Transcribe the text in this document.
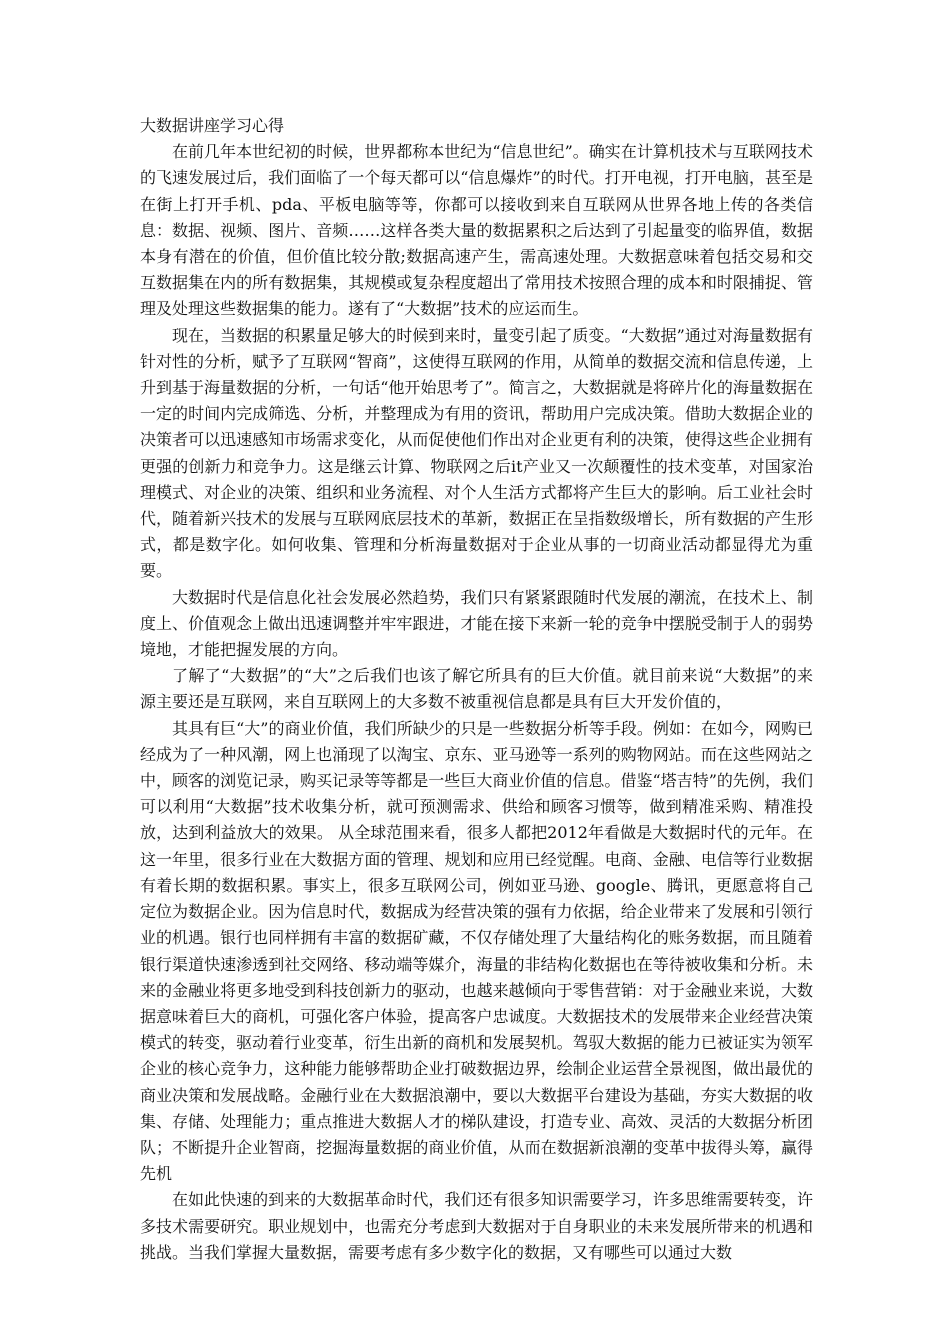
大数据讲座学习心得

在前几年本世纪初的时候，世界都称本世纪为“信息世纪”。确实在计算机技术与互联网技术的飞速发展过后，我们面临了一个每天都可以“信息爆炸”的时代。打开电视，打开电脑，甚至是在街上打开手机、pda、平板电脑等等，你都可以接收到来自互联网从世界各地上传的各类信息：数据、视频、图片、音频……这样各类大量的数据累积之后达到了引起量变的临界值，数据本身有潜在的价值，但价值比较分散;数据高速产生，需高速处理。大数据意味着包括交易和交互数据集在内的所有数据集，其规模或复杂程度超出了常用技术按照合理的成本和时限捕捉、管理及处理这些数据集的能力。遂有了“大数据”技术的应运而生。

现在，当数据的积累量足够大的时候到来时，量变引起了质变。“大数据”通过对海量数据有针对性的分析，赋予了互联网“智商”，这使得互联网的作用，从简单的数据交流和信息传递，上升到基于海量数据的分析，一句话“他开始思考了”。简言之，大数据就是将碎片化的海量数据在一定的时间内完成筛选、分析，并整理成为有用的资讯，帮助用户完成决策。借助大数据企业的决策者可以迅速感知市场需求变化，从而促使他们作出对企业更有利的决策，使得这些企业拥有更强的创新力和竞争力。这是继云计算、物联网之后it产业又一次颠覆性的技术变革，对国家治理模式、对企业的决策、组织和业务流程、对个人生活方式都将产生巨大的影响。后工业社会时代，随着新兴技术的发展与互联网底层技术的革新，数据正在呈指数级增长，所有数据的产生形式，都是数字化。如何收集、管理和分析海量数据对于企业从事的一切商业活动都显得尤为重要。

大数据时代是信息化社会发展必然趋势，我们只有紧紧跟随时代发展的潮流，在技术上、制度上、价值观念上做出迅速调整并牢牢跟进，才能在接下来新一轮的竞争中摆脱受制于人的弱势境地，才能把握发展的方向。

了解了“大数据”的“大”之后我们也该了解它所具有的巨大价值。就目前来说“大数据”的来源主要还是互联网，来自互联网上的大多数不被重视信息都是具有巨大开发价值的，

其具有巨“大”的商业价值，我们所缺少的只是一些数据分析等手段。例如：在如今，网购已经成为了一种风潮，网上也涌现了以淘宝、京东、亚马逊等一系列的购物网站。而在这些网站之中，顾客的浏览记录，购买记录等等都是一些巨大商业价值的信息。借鉴“塔吉特”的先例，我们可以利用“大数据”技术收集分析，就可预测需求、供给和顾客习惯等，做到精准采购、精准投放，达到利益放大的效果。 从全球范围来看，很多人都把2012年看做是大数据时代的元年。在这一年里，很多行业在大数据方面的管理、规划和应用已经觉醒。电商、金融、电信等行业数据有着长期的数据积累。事实上，很多互联网公司，例如亚马逊、google、腾讯，更愿意将自己定位为数据企业。因为信息时代，数据成为经营决策的强有力依据，给企业带来了发展和引领行业的机遇。银行也同样拥有丰富的数据矿藏，不仅存储处理了大量结构化的账务数据，而且随着银行渠道快速渗透到社交网络、移动端等媒介，海量的非结构化数据也在等待被收集和分析。未来的金融业将更多地受到科技创新力的驱动，也越来越倾向于零售营销：对于金融业来说，大数据意味着巨大的商机，可强化客户体验，提高客户忠诚度。大数据技术的发展带来企业经营决策模式的转变，驱动着行业变革，衍生出新的商机和发展契机。驾驭大数据的能力已被证实为领军企业的核心竞争力，这种能力能够帮助企业打破数据边界，绘制企业运营全景视图，做出最优的商业决策和发展战略。金融行业在大数据浪潮中，要以大数据平台建设为基础，夯实大数据的收集、存储、处理能力；重点推进大数据人才的梯队建设，打造专业、高效、灵活的大数据分析团队；不断提升企业智商，挖掘海量数据的商业价值，从而在数据新浪潮的变革中拔得头筹，赢得先机

在如此快速的到来的大数据革命时代，我们还有很多知识需要学习，许多思维需要转变，许多技术需要研究。职业规划中，也需充分考虑到大数据对于自身职业的未来发展所带来的机遇和挑战。当我们掌握大量数据，需要考虑有多少数字化的数据，又有哪些可以通过大数
